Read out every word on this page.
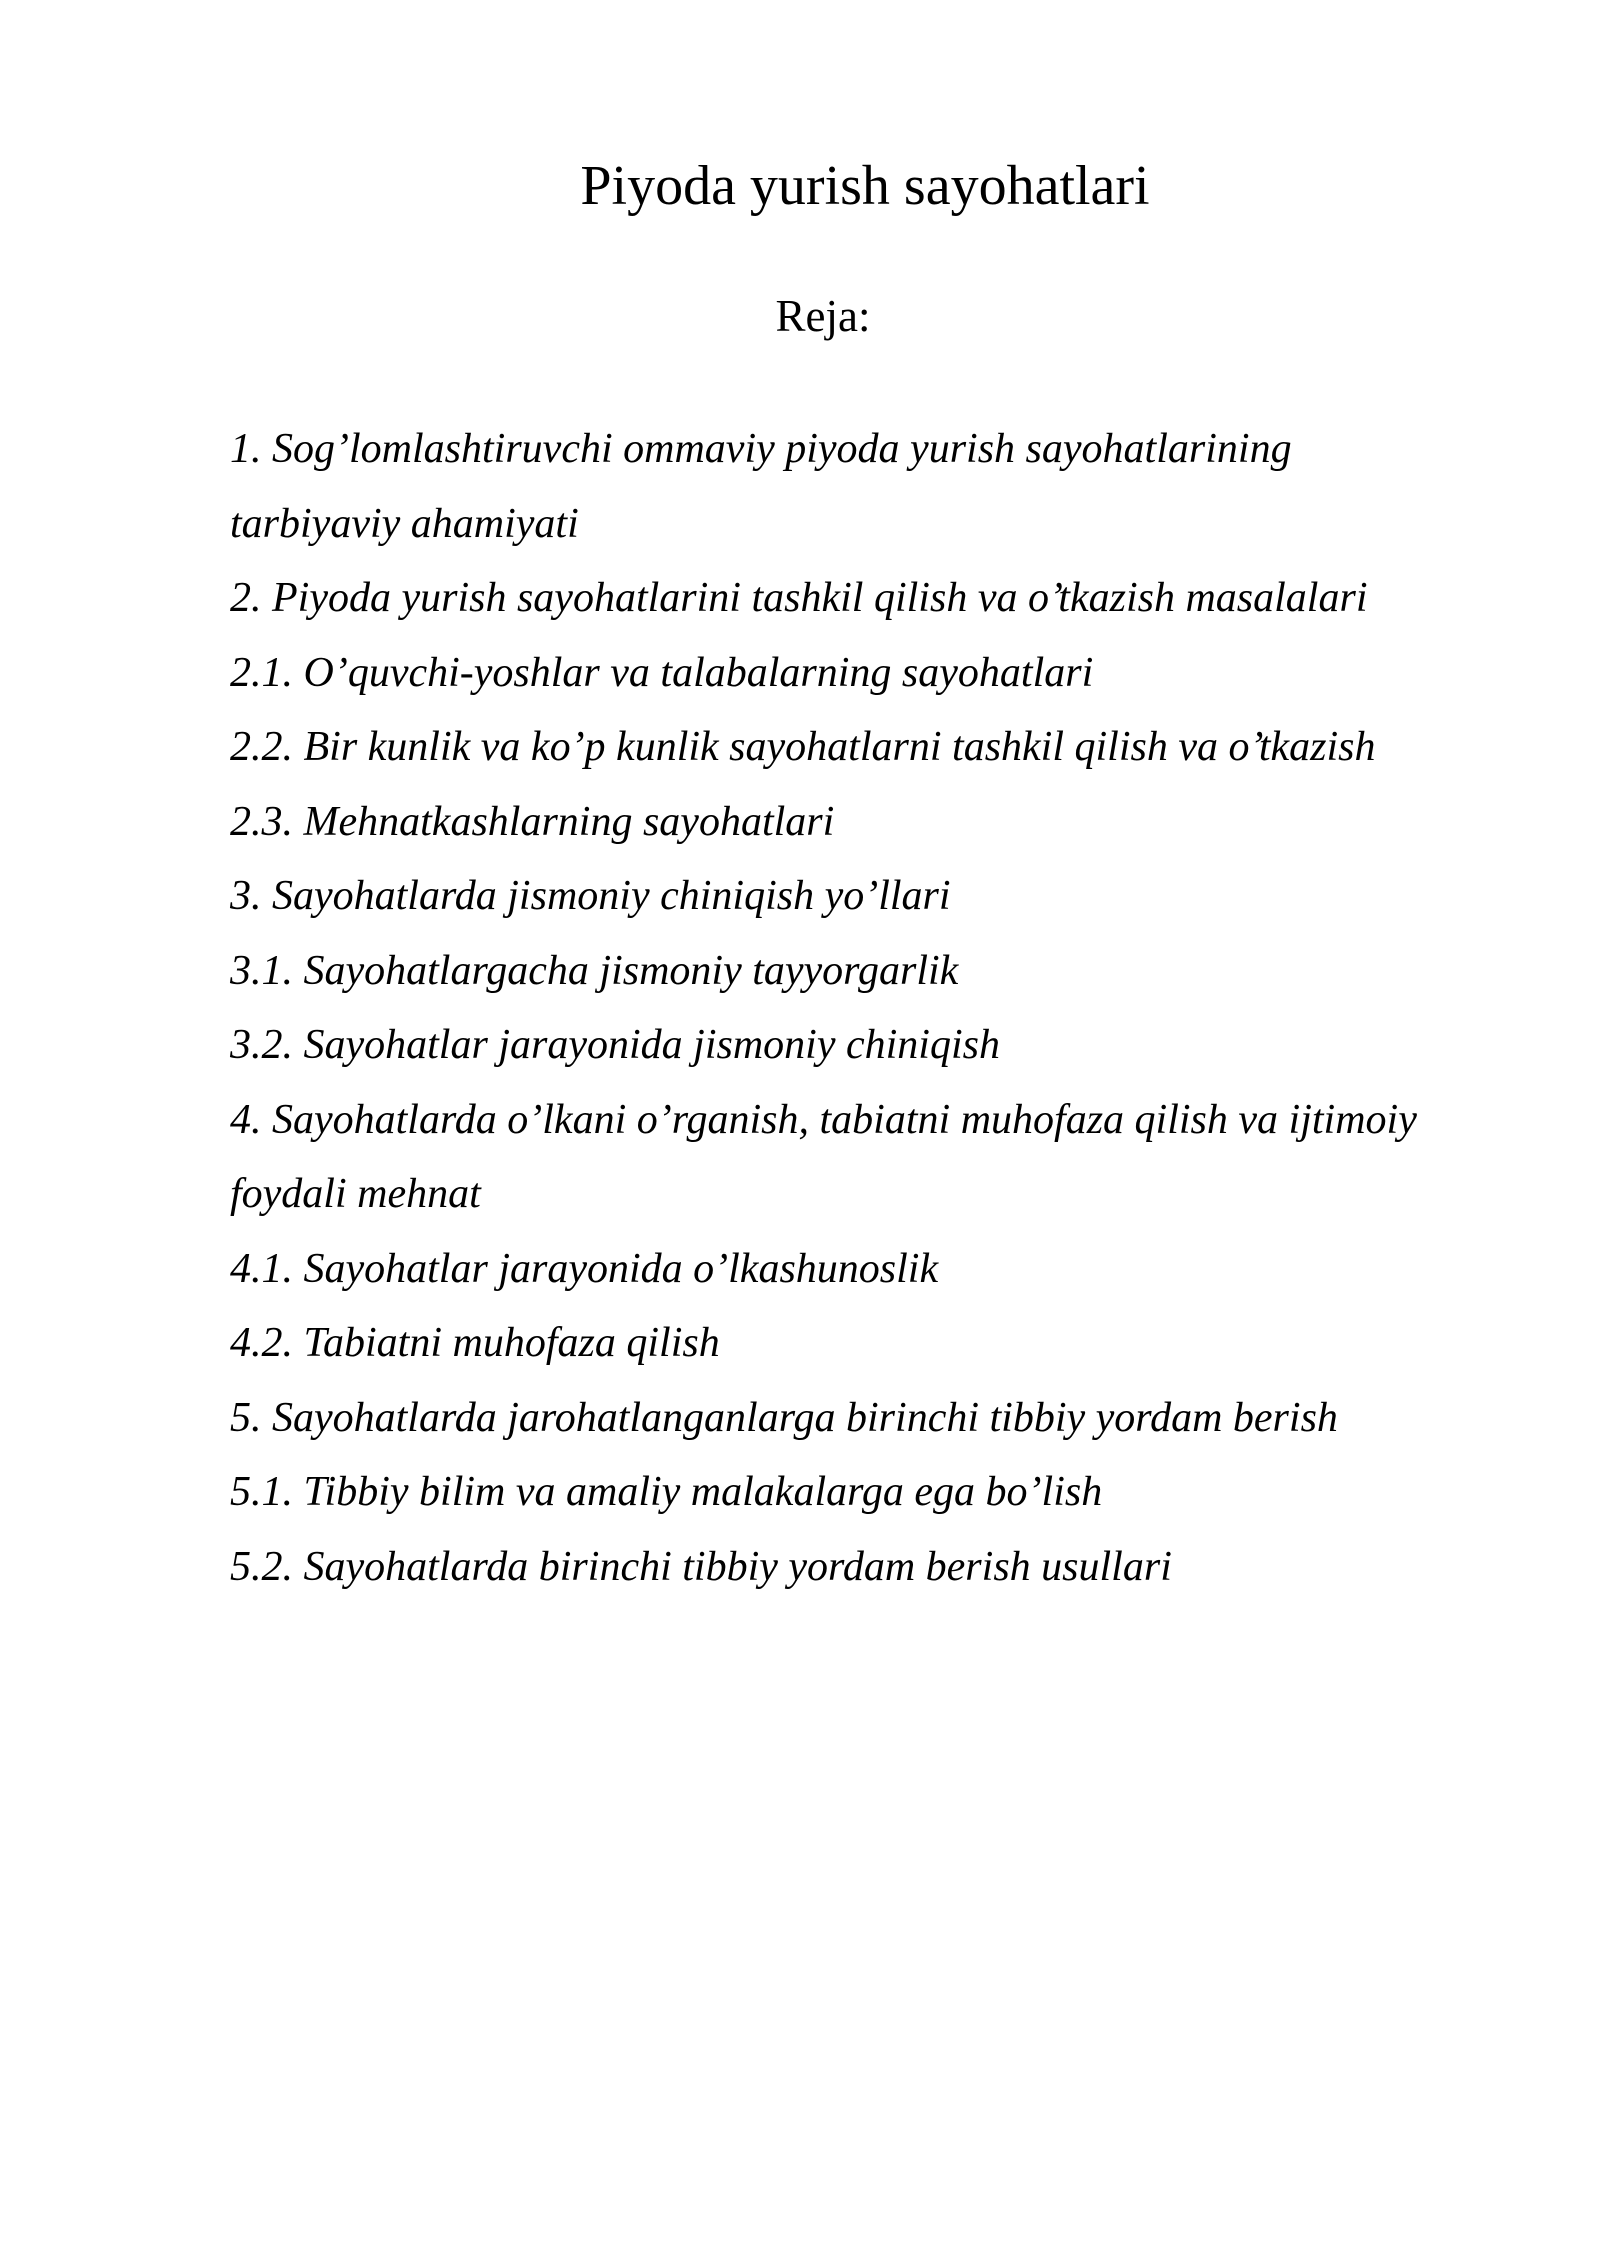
Piyoda yurish sayohatlari
Reja:
1. Sog’lomlashtiruvchi ommaviy piyoda yurish sayohatlarining
tarbiyaviy ahamiyati
2. Piyoda yurish sayohatlarini tashkil qilish va o’tkazish masalalari
2.1. O’quvchi-yoshlar va talabalarning sayohatlari
2.2. Bir kunlik va ko’p kunlik sayohatlarni tashkil qilish va o’tkazish
2.3. Mehnatkashlarning sayohatlari
3. Sayohatlarda jismoniy chiniqish yo’llari
3.1. Sayohatlargacha jismoniy tayyorgarlik
3.2. Sayohatlar jarayonida jismoniy chiniqish
4. Sayohatlarda o’lkani o’rganish, tabiatni muhofaza qilish va ijtimoiy
foydali mehnat
4.1. Sayohatlar jarayonida o’lkashunoslik
4.2. Tabiatni muhofaza qilish
5. Sayohatlarda jarohatlanganlarga birinchi tibbiy yordam berish
5.1. Tibbiy bilim va amaliy malakalarga ega bo’lish
5.2. Sayohatlarda birinchi tibbiy yordam berish usullari
